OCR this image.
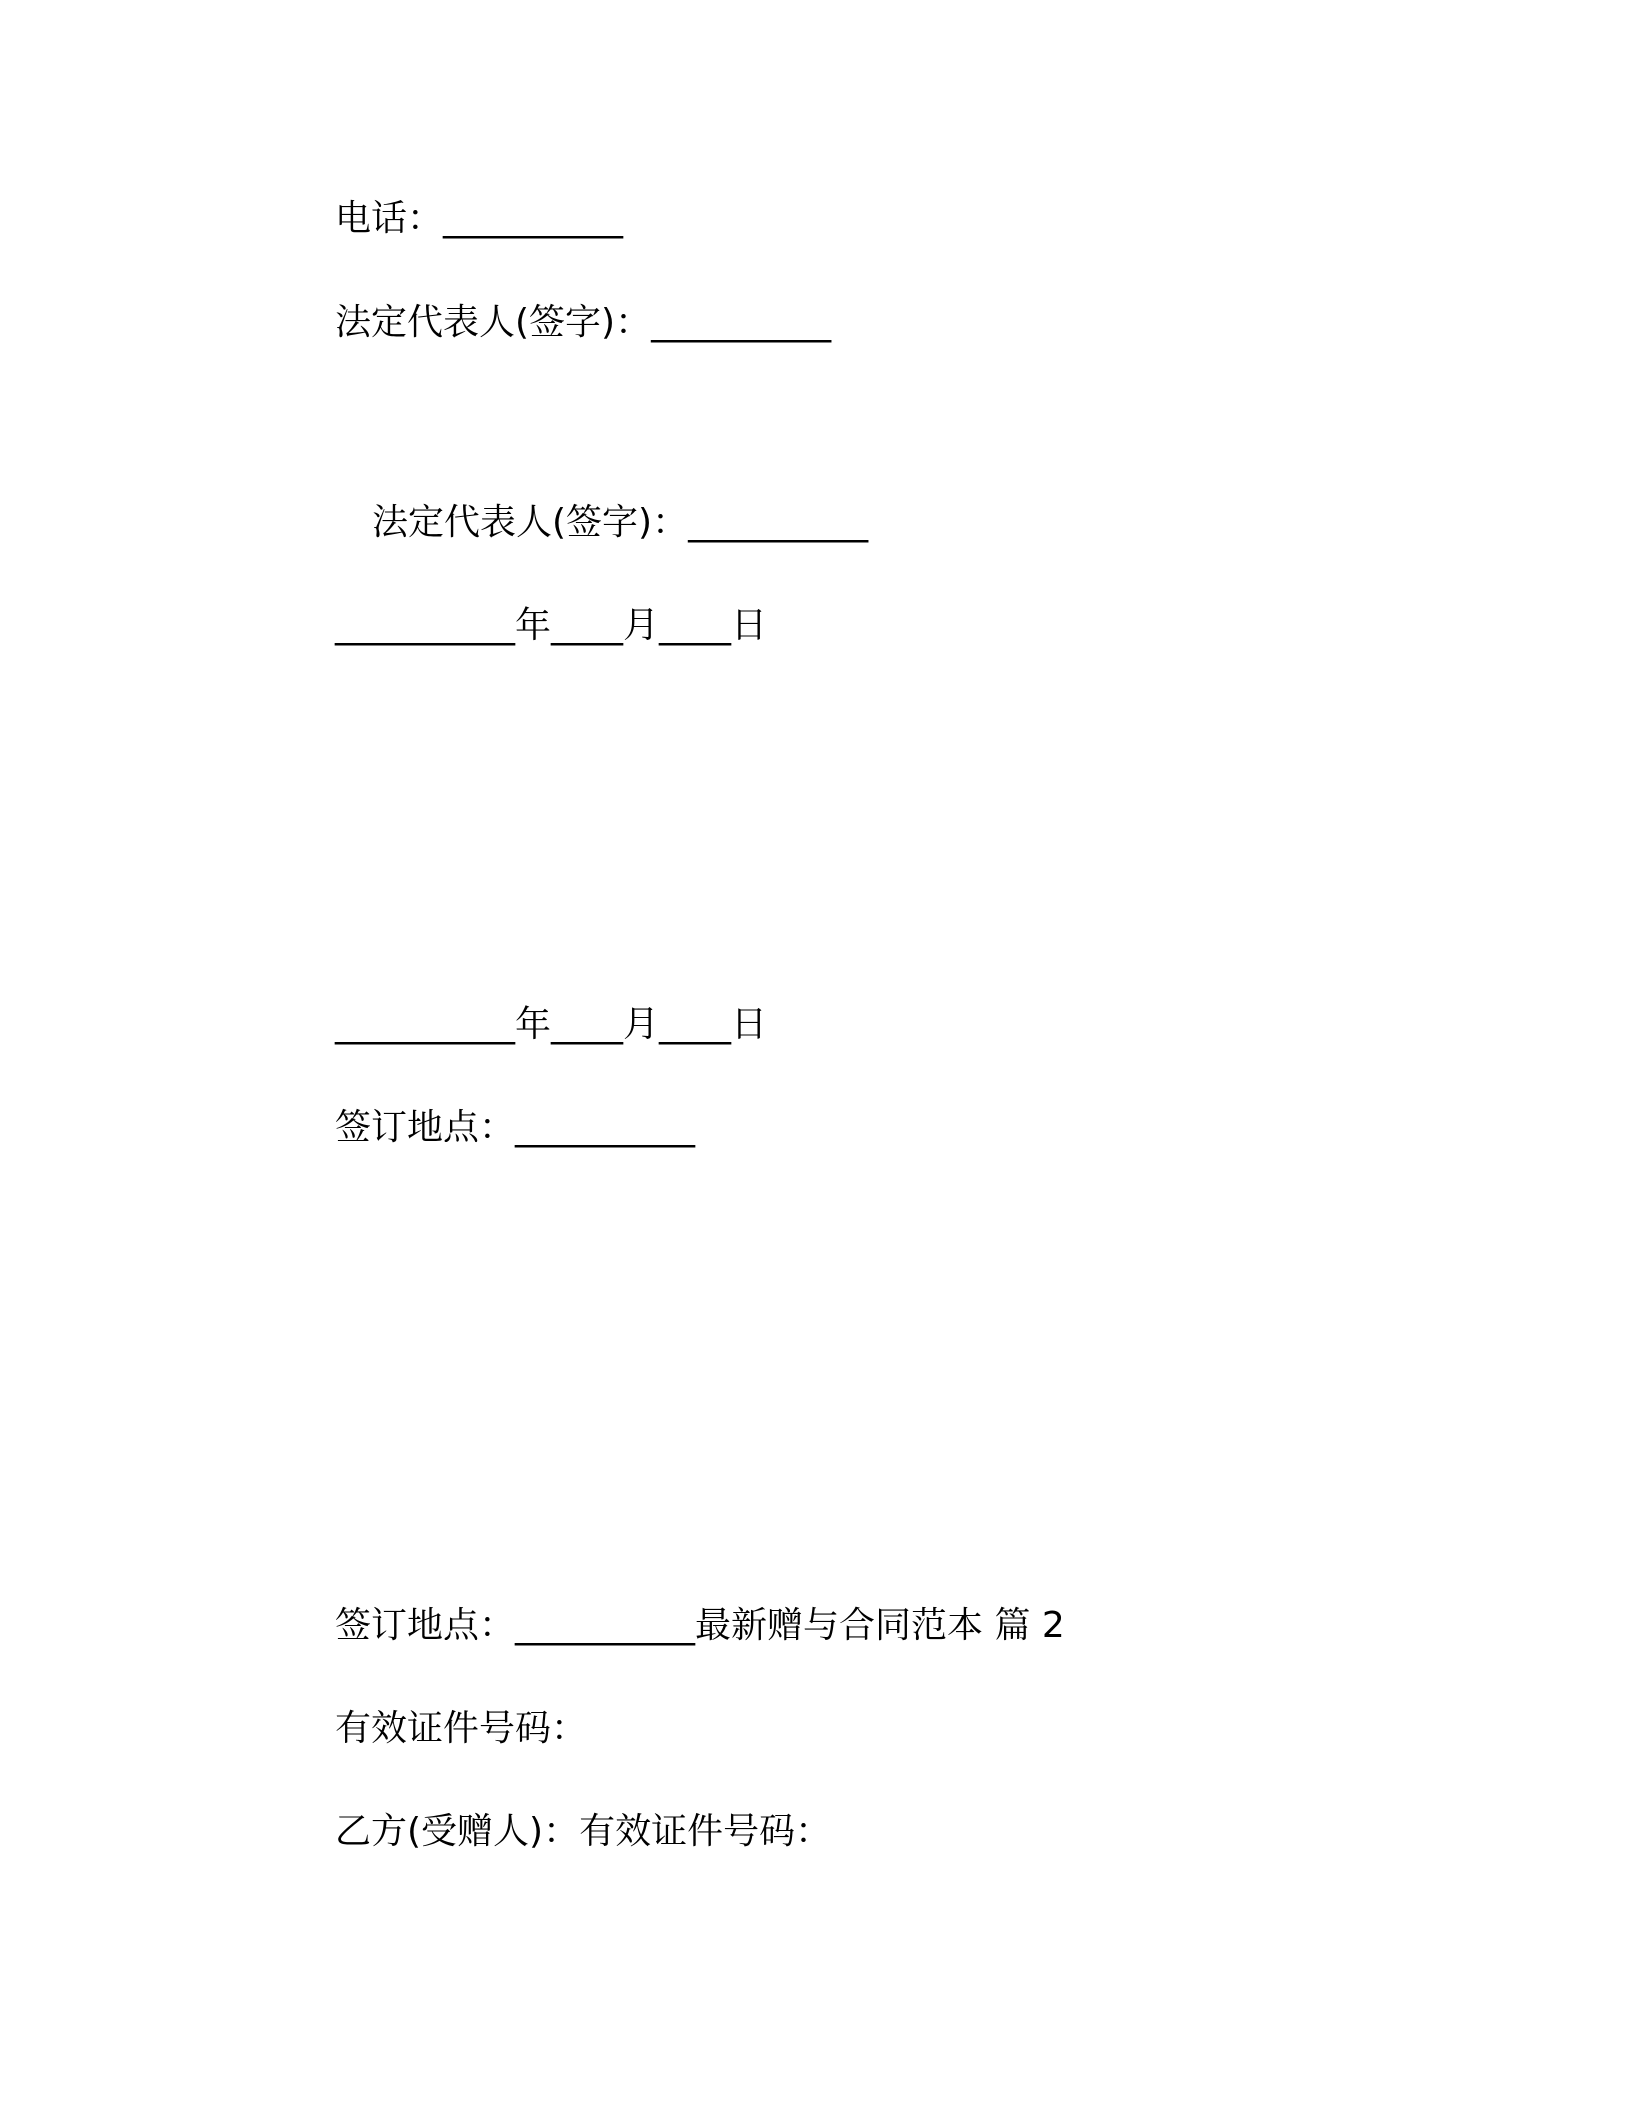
电话：__________
法定代表人(签字)：__________
法定代表人(签字)：__________
__________年____月____日
__________年____月____日
签订地点：__________
签订地点：__________最新赠与合同范本 篇 2
有效证件号码：
乙方(受赠人)：有效证件号码：
